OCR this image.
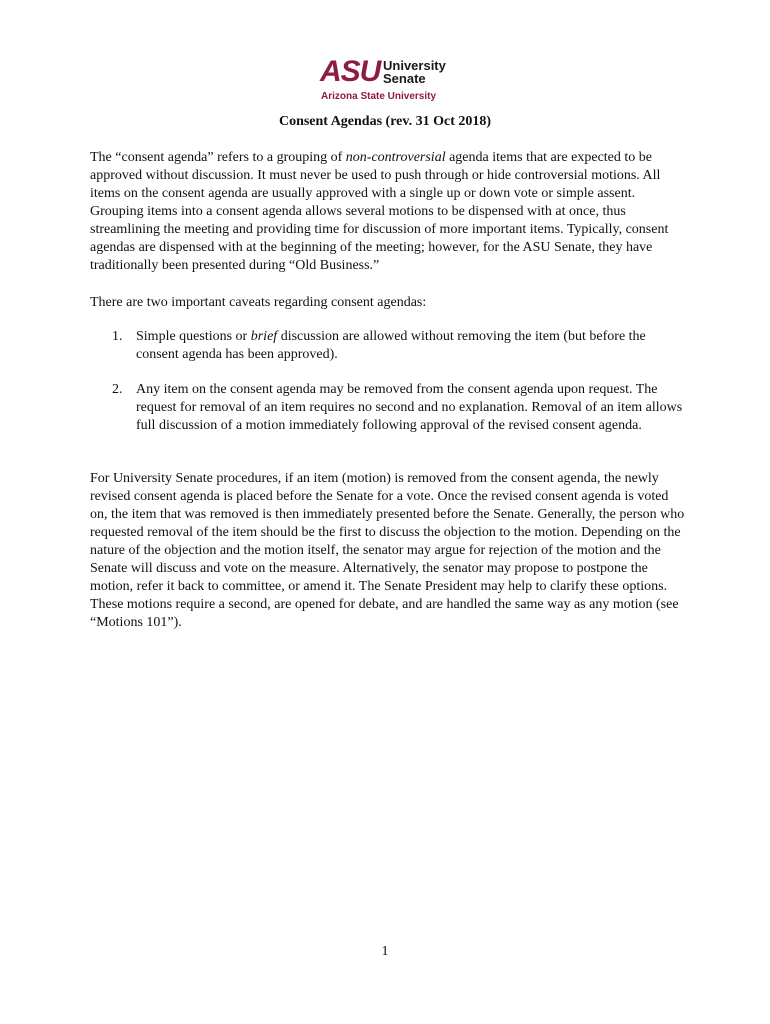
ASU University
Senate
Arizona State University
Consent Agendas (rev. 31 Oct 2018)

The “consent agenda” refers to a grouping of non-controversial agenda items that are expected to be approved without discussion. It must never be used to push through or hide controversial motions. All items on the consent agenda are usually approved with a single up or down vote or simple assent. Grouping items into a consent agenda allows several motions to be dispensed with at once, thus streamlining the meeting and providing time for discussion of more important items. Typically, consent agendas are dispensed with at the beginning of the meeting; however, for the ASU Senate, they have traditionally been presented during “Old Business.”

There are two important caveats regarding consent agendas:

1. Simple questions or brief discussion are allowed without removing the item (but before the consent agenda has been approved).
2. Any item on the consent agenda may be removed from the consent agenda upon request. The request for removal of an item requires no second and no explanation. Removal of an item allows full discussion of a motion immediately following approval of the revised consent agenda.

For University Senate procedures, if an item (motion) is removed from the consent agenda, the newly revised consent agenda is placed before the Senate for a vote. Once the revised consent agenda is voted on, the item that was removed is then immediately presented before the Senate. Generally, the person who requested removal of the item should be the first to discuss the objection to the motion. Depending on the nature of the objection and the motion itself, the senator may argue for rejection of the motion and the Senate will discuss and vote on the measure. Alternatively, the senator may propose to postpone the motion, refer it back to committee, or amend it. The Senate President may help to clarify these options. These motions require a second, are opened for debate, and are handled the same way as any motion (see “Motions 101”).

1
